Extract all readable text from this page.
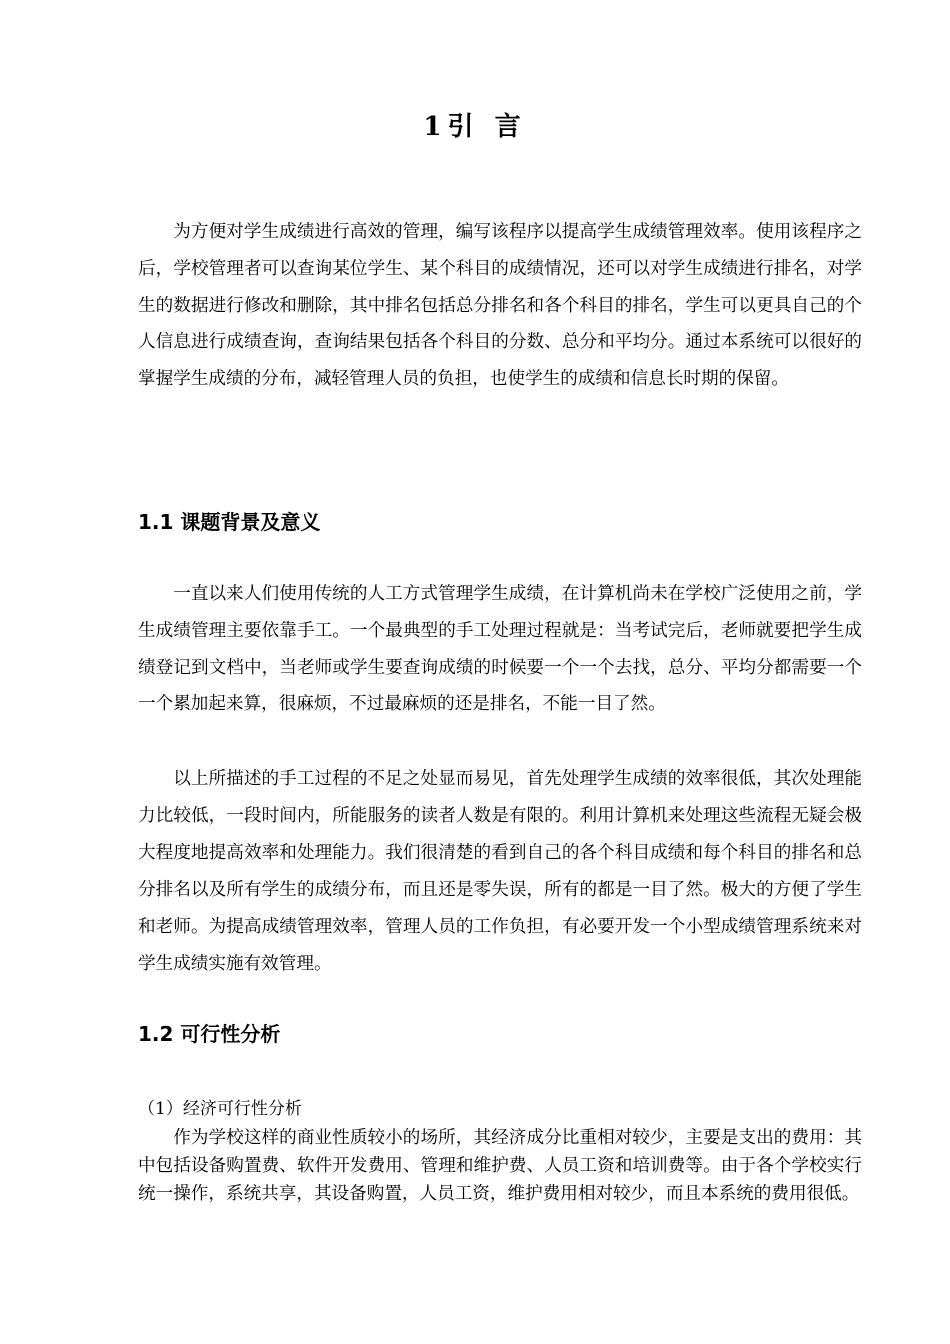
1引 言
为方便对学生成绩进行高效的管理，编写该程序以提高学生成绩管理效率。使用该程序之后，学校管理者可以查询某位学生、某个科目的成绩情况，还可以对学生成绩进行排名，对学生的数据进行修改和删除，其中排名包括总分排名和各个科目的排名，学生可以更具自己的个人信息进行成绩查询，查询结果包括各个科目的分数、总分和平均分。通过本系统可以很好的掌握学生成绩的分布，减轻管理人员的负担，也使学生的成绩和信息长时期的保留。
1.1 课题背景及意义
一直以来人们使用传统的人工方式管理学生成绩，在计算机尚未在学校广泛使用之前，学生成绩管理主要依靠手工。一个最典型的手工处理过程就是：当考试完后，老师就要把学生成绩登记到文档中，当老师或学生要查询成绩的时候要一个一个去找，总分、平均分都需要一个一个累加起来算，很麻烦，不过最麻烦的还是排名，不能一目了然。
以上所描述的手工过程的不足之处显而易见，首先处理学生成绩的效率很低，其次处理能力比较低，一段时间内，所能服务的读者人数是有限的。利用计算机来处理这些流程无疑会极大程度地提高效率和处理能力。我们很清楚的看到自己的各个科目成绩和每个科目的排名和总分排名以及所有学生的成绩分布，而且还是零失误，所有的都是一目了然。极大的方便了学生和老师。为提高成绩管理效率，管理人员的工作负担，有必要开发一个小型成绩管理系统来对学生成绩实施有效管理。
1.2 可行性分析
（1）经济可行性分析
作为学校这样的商业性质较小的场所，其经济成分比重相对较少，主要是支出的费用：其中包括设备购置费、软件开发费用、管理和维护费、人员工资和培训费等。由于各个学校实行统一操作，系统共享，其设备购置，人员工资，维护费用相对较少，而且本系统的费用很低。
